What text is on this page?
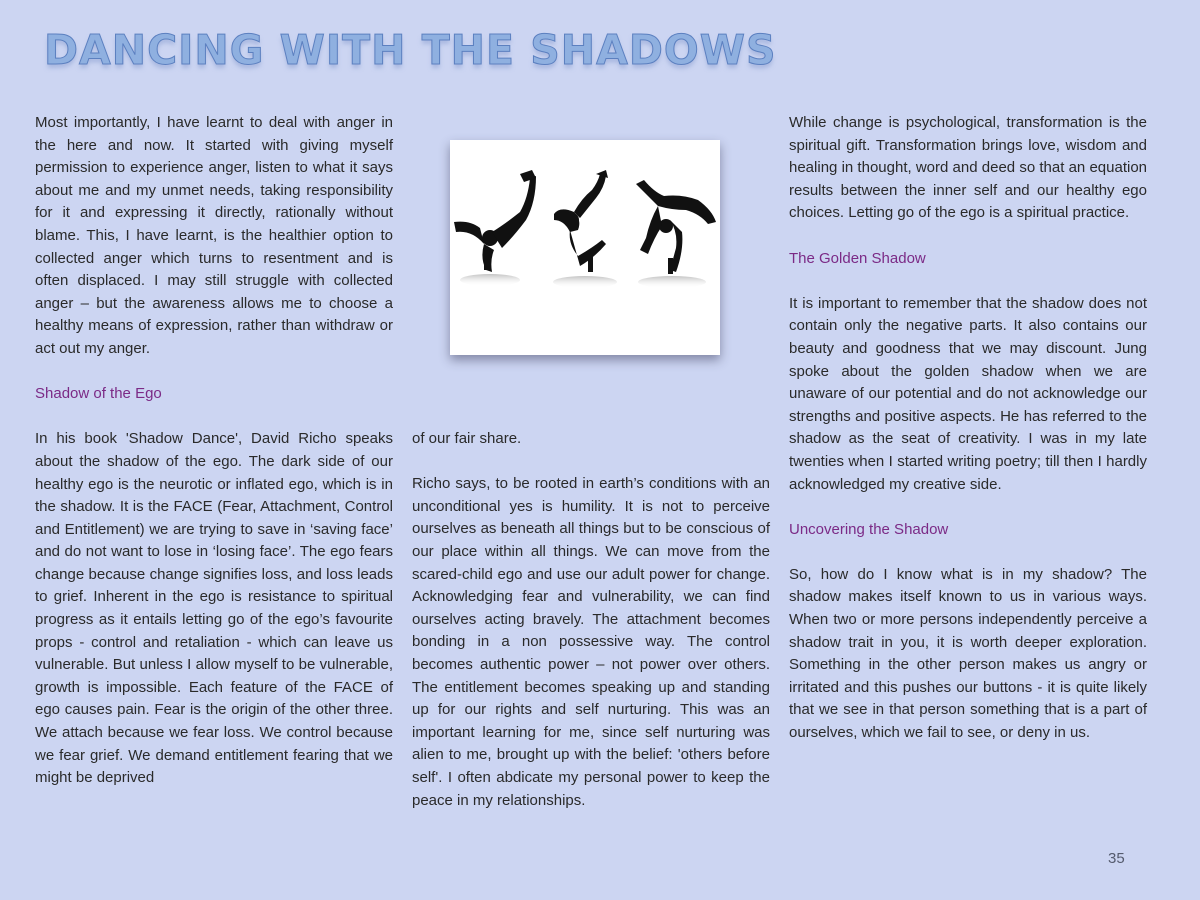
DANCING WITH THE SHADOWS

Most importantly, I have learnt to deal with anger in the here and now. It started with giving myself permission to experience anger, listen to what it says about me and my unmet needs, taking responsibility for it and expressing it directly, rationally without blame. This, I have learnt, is the healthier option to collected anger which turns to resentment and is often displaced. I may still struggle with collected anger – but the awareness allows me to choose a healthy means of expression, rather than withdraw or act out my anger.

Shadow of the Ego

In his book 'Shadow Dance', David Richo speaks about the shadow of the ego. The dark side of our healthy ego is the neurotic or inflated ego, which is in the shadow. It is the FACE (Fear, Attachment, Control and Entitlement) we are trying to save in ‘saving face’ and do not want to lose in ‘losing face’. The ego fears change because change signifies loss, and loss leads to grief. Inherent in the ego is resistance to spiritual progress as it entails letting go of the ego’s favourite props - control and retaliation - which can leave us vulnerable. But unless I allow myself to be vulnerable, growth is impossible. Each feature of the FACE of ego causes pain. Fear is the origin of the other three. We attach because we fear loss. We control because we fear grief. We demand entitlement fearing that we might be deprived

of our fair share.

Richo says, to be rooted in earth’s conditions with an unconditional yes is humility. It is not to perceive ourselves as beneath all things but to be conscious of our place within all things. We can move from the scared-child ego and use our adult power for change. Acknowledging fear and vulnerability, we can find ourselves acting bravely. The attachment becomes bonding in a non possessive way. The control becomes authentic power – not power over others. The entitlement becomes speaking up and standing up for our rights and self nurturing. This was an important learning for me, since self nurturing was alien to me, brought up with the belief: 'others before self'. I often abdicate my personal power to keep the peace in my relationships.

While change is psychological, transformation is the spiritual gift. Transformation brings love, wisdom and healing in thought, word and deed so that an equation results between the inner self and our healthy ego choices. Letting go of the ego is a spiritual practice.

The Golden Shadow

It is important to remember that the shadow does not contain only the negative parts. It also contains our beauty and goodness that we may discount. Jung spoke about the golden shadow when we are unaware of our potential and do not acknowledge our strengths and positive aspects. He has referred to the shadow as the seat of creativity. I was in my late twenties when I started writing poetry; till then I hardly acknowledged my creative side.

Uncovering the Shadow

So, how do I know what is in my shadow? The shadow makes itself known to us in various ways. When two or more persons independently perceive a shadow trait in you, it is worth deeper exploration. Something in the other person makes us angry or irritated and this pushes our buttons - it is quite likely that we see in that person something that is a part of ourselves, which we fail to see, or deny in us.

35
